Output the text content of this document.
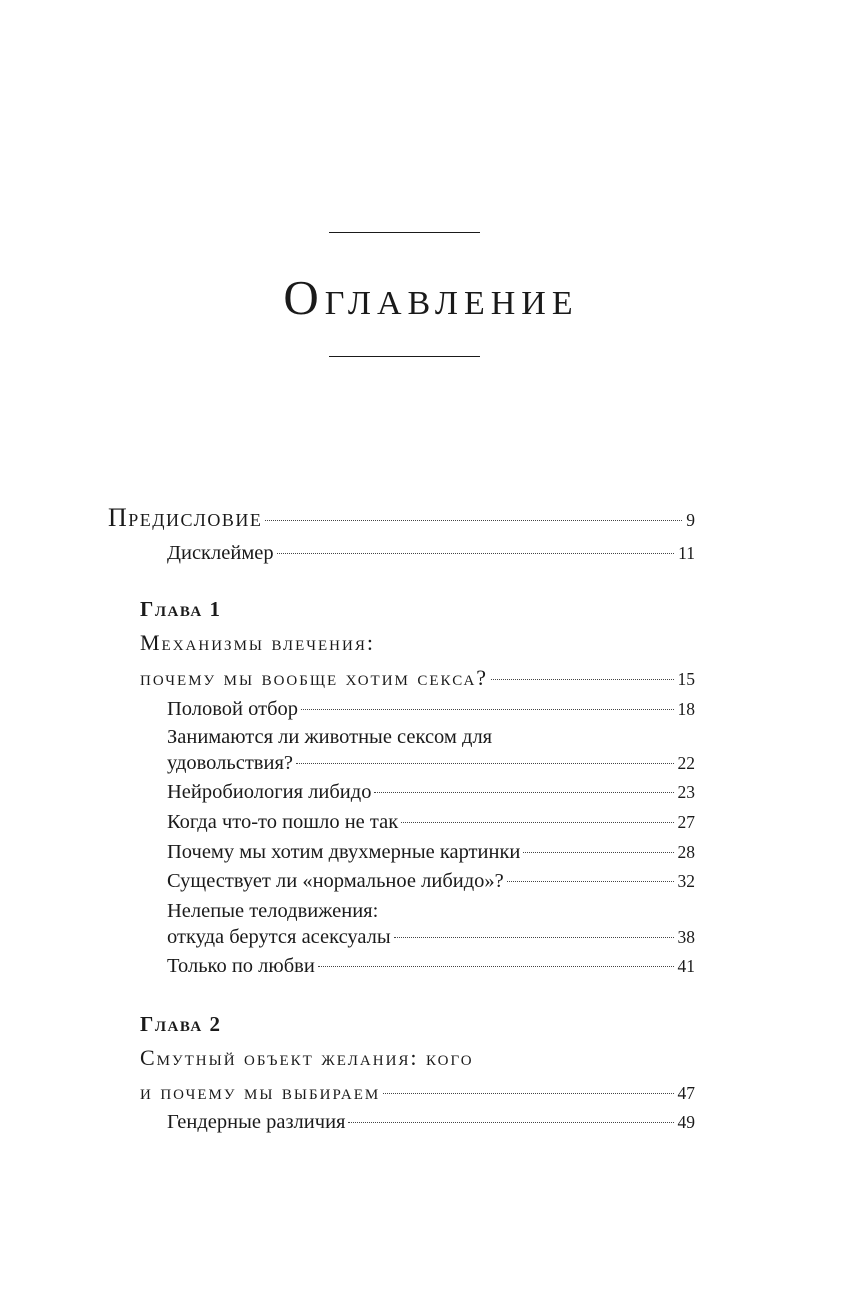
Оглавление
Предисловие	9
Дисклеймер	11
Глава 1
Механизмы влечения:
почему мы вообще хотим секса?	15
Половой отбор	18
Занимаются ли животные сексом для
удовольствия?	22
Нейробиология либидо	23
Когда что-то пошло не так	27
Почему мы хотим двухмерные картинки	28
Существует ли «нормальное либидо»?	32
Нелепые телодвижения:
откуда берутся асексуалы	38
Только по любви	41
Глава 2
Смутный объект желания: кого
и почему мы выбираем	47
Гендерные различия	49
